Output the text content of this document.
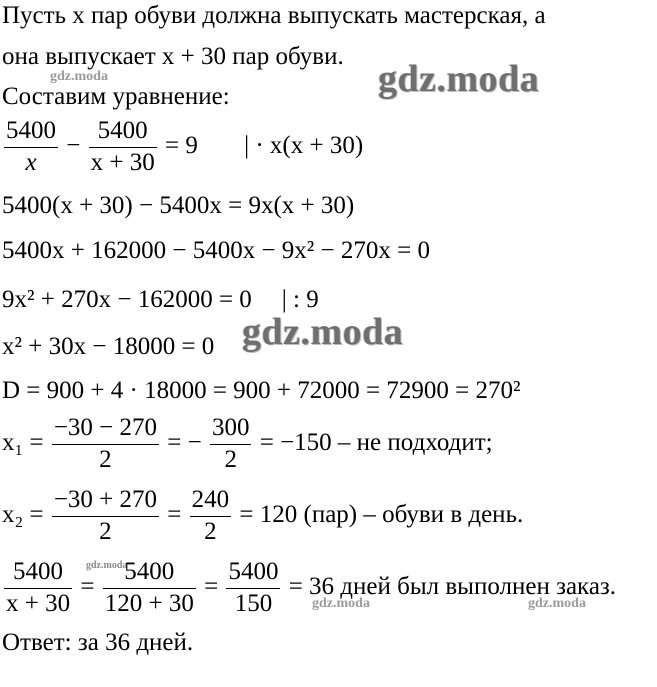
gdz.moda	gdz.moda
gdz.moda
gdz.moda
gdz.moda	gdz.moda
Пусть x пар обуви должна выпускать мастерская, а
она выпускает x + 30 пар обуви.
Составим уравнение:
$\frac{5400}{x} - \frac{5400}{x + 30} = 9$ | · x(x + 30)
5400(x + 30) − 5400x = 9x(x + 30)
5400x + 162000 − 5400x − 9x² − 270x = 0
9x² + 270x − 162000 = 0 | : 9
x² + 30x − 18000 = 0
D = 900 + 4 · 18000 = 900 + 72000 = 72900 = 270²
$x_1 = \frac{-30 - 270}{2}$ = − $\frac{300}{2} = -150$ – не подходит;
$x_2 = \frac{-30 + 270}{2} = \frac{240}{2} = 120$ (пар) – обуви в день.
$\frac{5400}{x + 30} = \frac{5400}{120 + 30} = \frac{5400}{150} = 36$ дней был выполнен заказ.
Ответ: за 36 дней.
